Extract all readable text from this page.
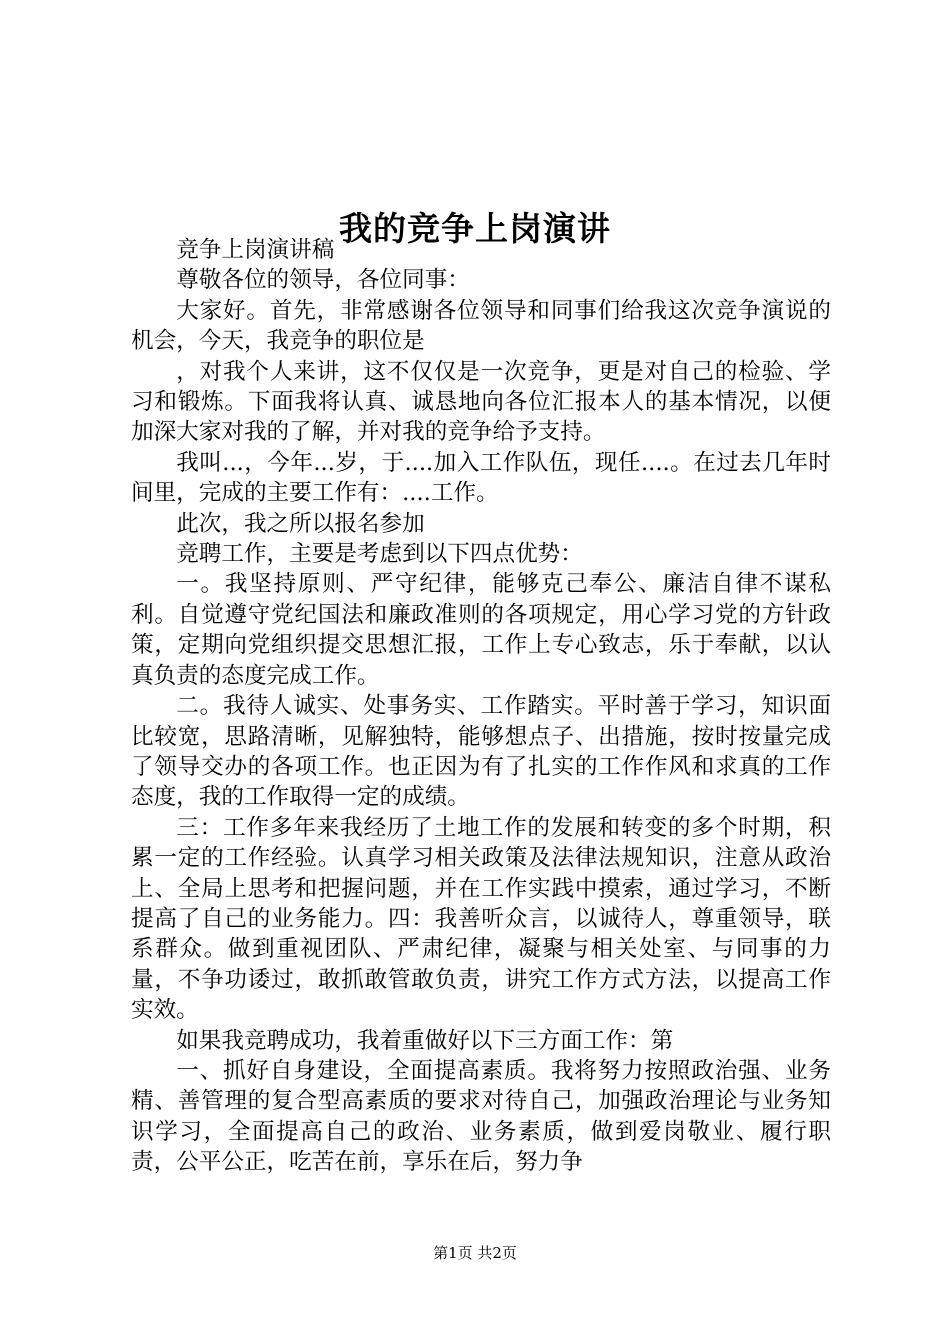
我的竞争上岗演讲

竞争上岗演讲稿

尊敬各位的领导，各位同事：

大家好。首先，非常感谢各位领导和同事们给我这次竞争演说的机会，今天，我竞争的职位是

，对我个人来讲，这不仅仅是一次竞争，更是对自己的检验、学习和锻炼。下面我将认真、诚恳地向各位汇报本人的基本情况，以便加深大家对我的了解，并对我的竞争给予支持。

我叫...，今年...岁，于....加入工作队伍，现任....。在过去几年时间里，完成的主要工作有：....工作。

此次，我之所以报名参加

竞聘工作，主要是考虑到以下四点优势：

一。我坚持原则、严守纪律，能够克己奉公、廉洁自律不谋私利。自觉遵守党纪国法和廉政准则的各项规定，用心学习党的方针政策，定期向党组织提交思想汇报，工作上专心致志，乐于奉献，以认真负责的态度完成工作。

二。我待人诚实、处事务实、工作踏实。平时善于学习，知识面比较宽，思路清晰，见解独特，能够想点子、出措施，按时按量完成了领导交办的各项工作。也正因为有了扎实的工作作风和求真的工作态度，我的工作取得一定的成绩。

三：工作多年来我经历了土地工作的发展和转变的多个时期，积累一定的工作经验。认真学习相关政策及法律法规知识，注意从政治上、全局上思考和把握问题，并在工作实践中摸索，通过学习，不断提高了自己的业务能力。四：我善听众言，以诚待人，尊重领导，联系群众。做到重视团队、严肃纪律，凝聚与相关处室、与同事的力量，不争功诿过，敢抓敢管敢负责，讲究工作方式方法，以提高工作实效。

如果我竞聘成功，我着重做好以下三方面工作：第

一、抓好自身建设，全面提高素质。我将努力按照政治强、业务精、善管理的复合型高素质的要求对待自己，加强政治理论与业务知识学习，全面提高自己的政治、业务素质，做到爱岗敬业、履行职责，公平公正，吃苦在前，享乐在后，努力争

第1页 共2页
